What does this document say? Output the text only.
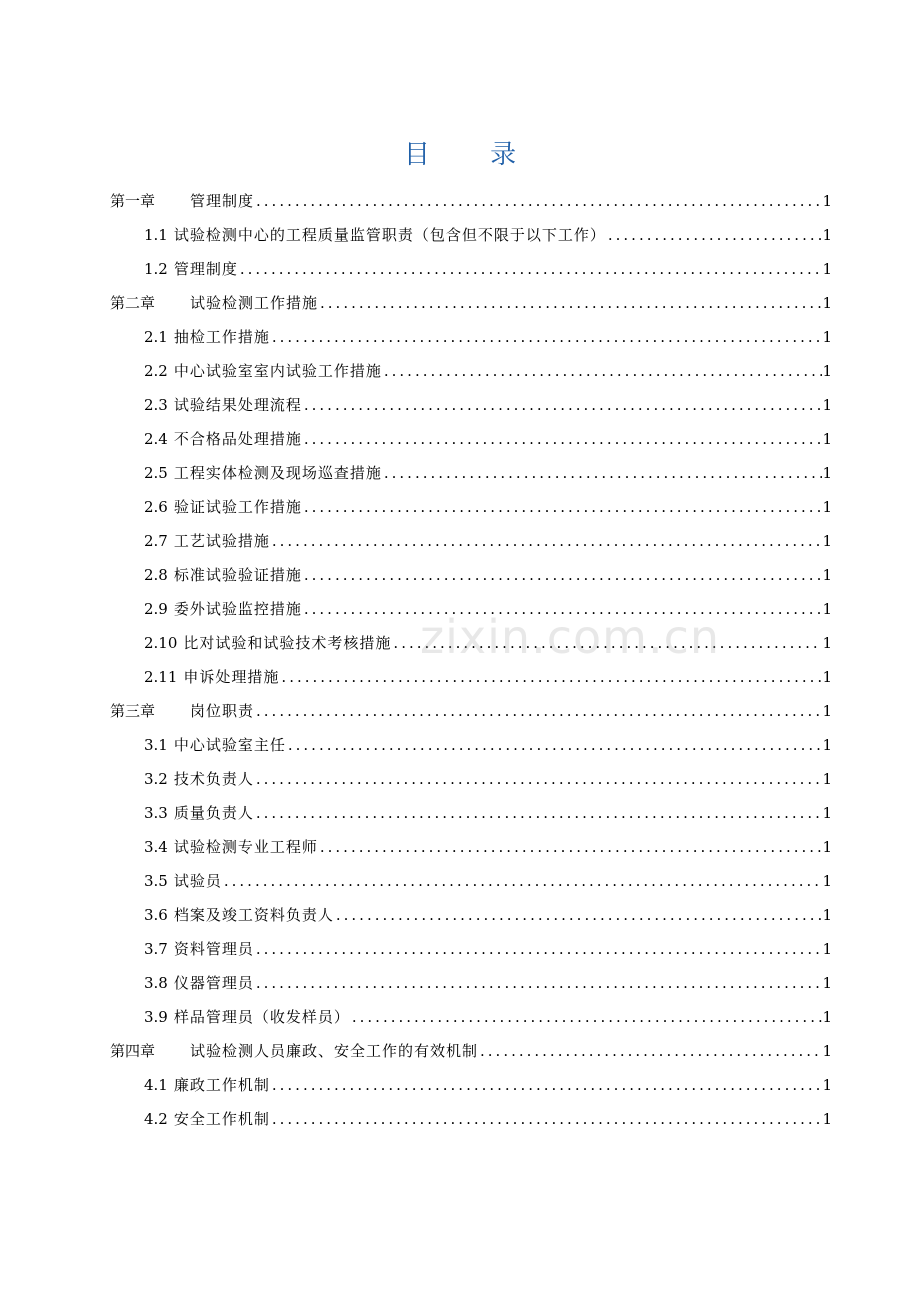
目 录
第一章	管理制度 .....	1
1.1 试验检测中心的工程质量监管职责（包含但不限于以下工作） .....	1
1.2 管理制度 .....	1
第二章	试验检测工作措施 .....	1
2.1 抽检工作措施 .....	1
2.2 中心试验室室内试验工作措施 .....	1
2.3 试验结果处理流程 .....	1
2.4 不合格品处理措施 .....	1
2.5 工程实体检测及现场巡查措施 .....	1
2.6 验证试验工作措施 .....	1
2.7 工艺试验措施 .....	1
2.8 标准试验验证措施 .....	1
2.9 委外试验监控措施 .....	1
2.10 比对试验和试验技术考核措施 .....	1
2.11 申诉处理措施 .....	1
第三章	岗位职责 .....	1
3.1 中心试验室主任 .....	1
3.2 技术负责人 .....	1
3.3 质量负责人 .....	1
3.4 试验检测专业工程师 .....	1
3.5 试验员 .....	1
3.6 档案及竣工资料负责人 .....	1
3.7 资料管理员 .....	1
3.8 仪器管理员 .....	1
3.9 样品管理员（收发样员） .....	1
第四章	试验检测人员廉政、安全工作的有效机制 .....	1
4.1 廉政工作机制 .....	1
4.2 安全工作机制 .....	1
zixin.com.cn
